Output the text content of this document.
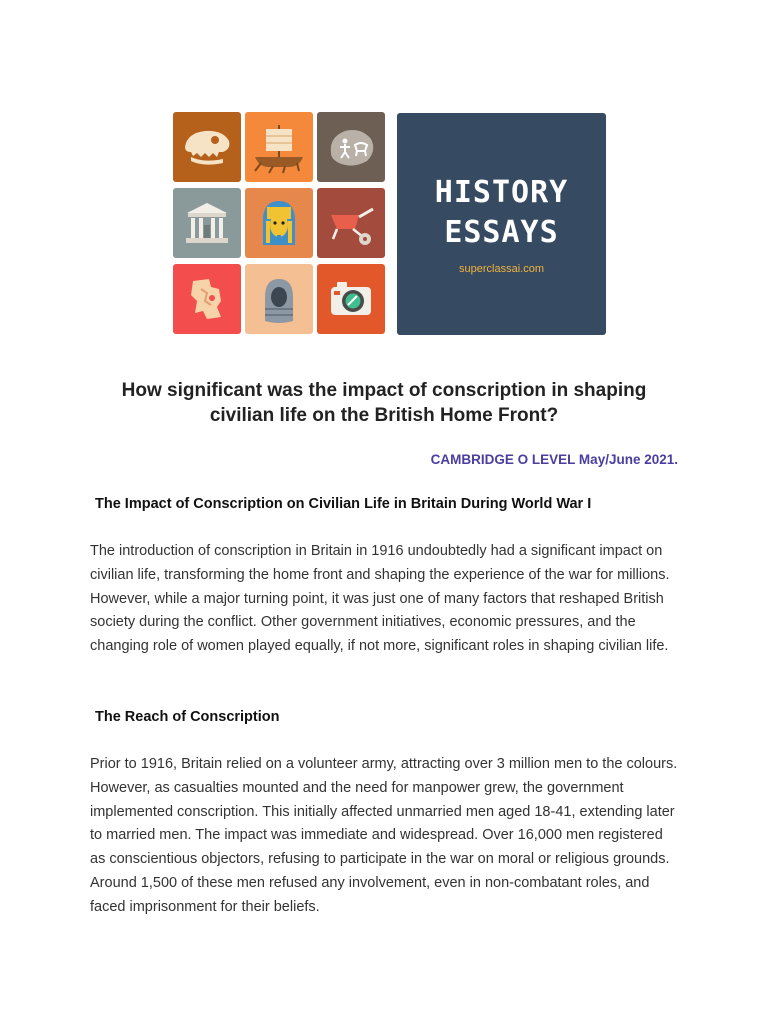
HISTORY
ESSAYS
superclassai.com
How significant was the impact of conscription in shaping
civilian life on the British Home Front?
CAMBRIDGE O LEVEL May/June 2021.
The Impact of Conscription on Civilian Life in Britain During World War I

The introduction of conscription in Britain in 1916 undoubtedly had a significant impact on civilian life, transforming the home front and shaping the experience of the war for millions. However, while a major turning point, it was just one of many factors that reshaped British society during the conflict. Other government initiatives, economic pressures, and the changing role of women played equally, if not more, significant roles in shaping civilian life.

The Reach of Conscription

Prior to 1916, Britain relied on a volunteer army, attracting over 3 million men to the colours. However, as casualties mounted and the need for manpower grew, the government implemented conscription. This initially affected unmarried men aged 18-41, extending later to married men. The impact was immediate and widespread. Over 16,000 men registered as conscientious objectors, refusing to participate in the war on moral or religious grounds. Around 1,500 of these men refused any involvement, even in non-combatant roles, and faced imprisonment for their beliefs.
